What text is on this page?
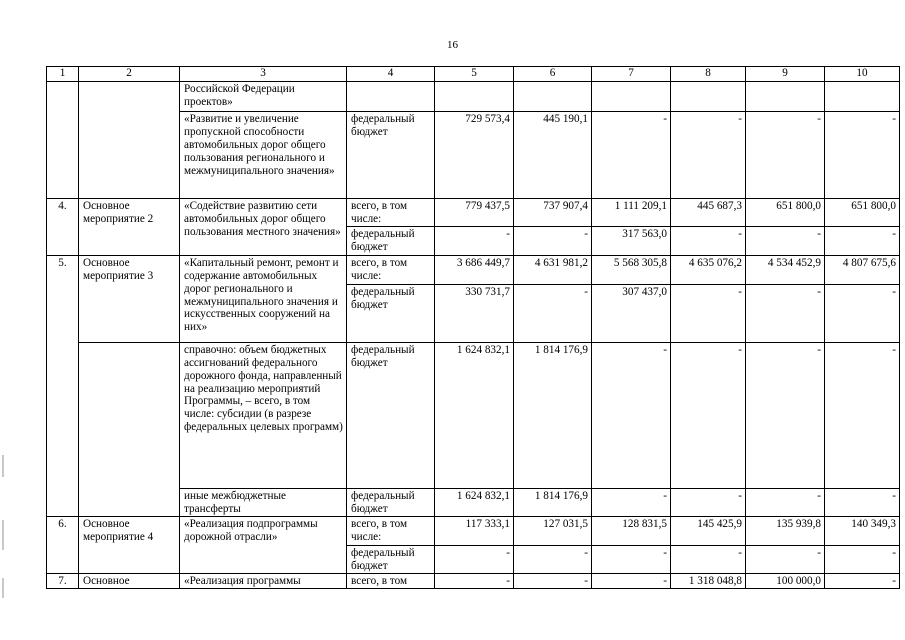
16
1	2	3	4	5	6	7	8	9	10
		Российской Федерации проектов»							
		«Развитие и увеличение пропускной способности автомобильных дорог общего пользования регионального и межмуниципального значения»	федеральный бюджет	729 573,4	445 190,1	-	-	-	-
4.	Основное мероприятие 2	«Содействие развитию сети автомобильных дорог общего пользования местного значения»	всего, в том числе:	779 437,5	737 907,4	1 111 209,1	445 687,3	651 800,0	651 800,0
			федеральный бюджет	-	-	317 563,0	-	-	-
5.	Основное мероприятие 3	«Капитальный ремонт, ремонт и содержание автомобильных дорог регионального и межмуниципального значения и искусственных сооружений на них»	всего, в том числе:	3 686 449,7	4 631 981,2	5 568 305,8	4 635 076,2	4 534 452,9	4 807 675,6
			федеральный бюджет	330 731,7	-	307 437,0	-	-	-
		справочно: объем бюджетных ассигнований федерального дорожного фонда, направленный на реализацию мероприятий Программы, – всего, в том числе: субсидии (в разрезе федеральных целевых программ)	федеральный бюджет	1 624 832,1	1 814 176,9	-	-	-	-
		иные межбюджетные трансферты	федеральный бюджет	1 624 832,1	1 814 176,9	-	-	-	-
6.	Основное мероприятие 4	«Реализация подпрограммы дорожной отрасли»	всего, в том числе:	117 333,1	127 031,5	128 831,5	145 425,9	135 939,8	140 349,3
			федеральный бюджет	-	-	-	-	-	-
7.	Основное	«Реализация программы	всего, в том	-	-	-	1 318 048,8	100 000,0	-
